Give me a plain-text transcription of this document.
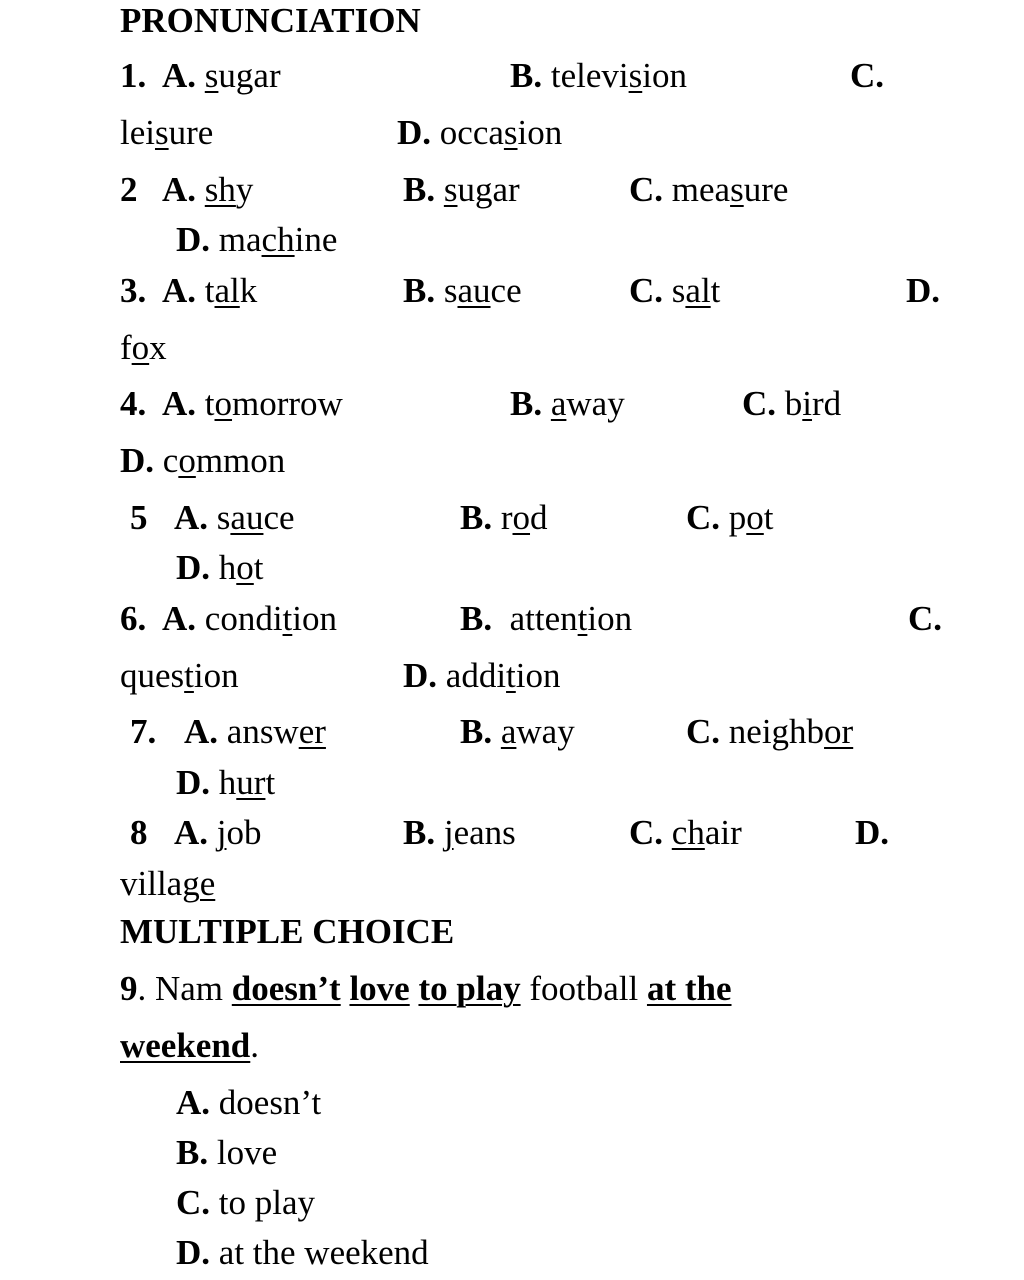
PRONUNCIATION
MULTIPLE CHOICE
1. A. sugar	B. television	C.
leisure	D. occasion
2 A. shy	B. sugar	C. measure
D. machine
3. A. talk	B. sauce	C. salt	D.
fox
4. A. tomorrow	B. away	C. bird
D. common
5 A. sauce	B. rod	C. pot
D. hot
6. A. condition	B. attention	C.
question	D. addition
7. A. answer	B. away	C. neighbor
D. hurt
8 A. job	B. jeans	C. chair	D.
village
9. Nam doesn’t love to play football at the
weekend.
A. doesn’t
B. love
C. to play
D. at the weekend
